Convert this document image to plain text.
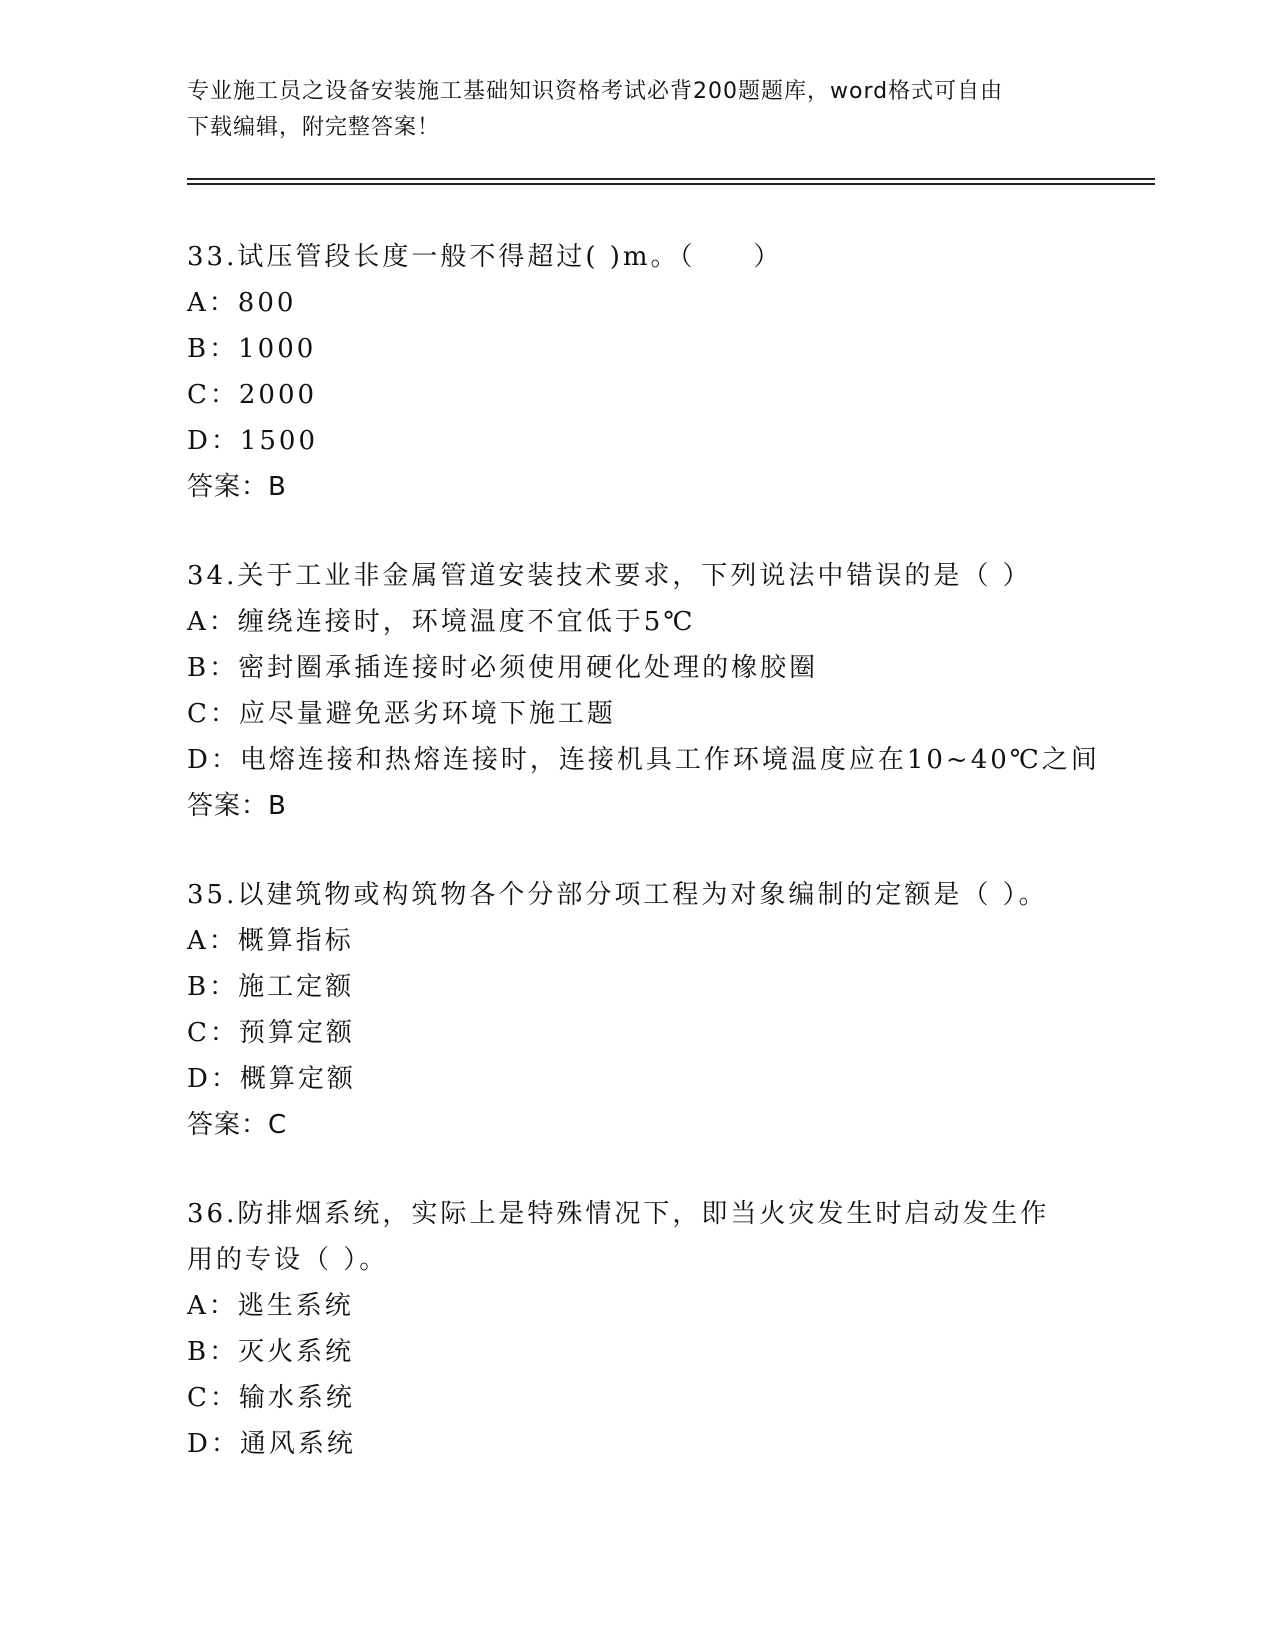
专业施工员之设备安装施工基础知识资格考试必背200题题库，word格式可自由
下载编辑，附完整答案！
33.试压管段长度一般不得超过( )m。（　　）
A：800
B：1000
C：2000
D：1500
答案：B
34.关于工业非金属管道安装技术要求，下列说法中错误的是（ ）
A：缠绕连接时，环境温度不宜低于5℃
B：密封圈承插连接时必须使用硬化处理的橡胶圈
C：应尽量避免恶劣环境下施工题
D：电熔连接和热熔连接时，连接机具工作环境温度应在10~40℃之间
答案：B
35.以建筑物或构筑物各个分部分项工程为对象编制的定额是（ ）。
A：概算指标
B：施工定额
C：预算定额
D：概算定额
答案：C
36.防排烟系统，实际上是特殊情况下，即当火灾发生时启动发生作用的专设（ ）。
A：逃生系统
B：灭火系统
C：输水系统
D：通风系统
